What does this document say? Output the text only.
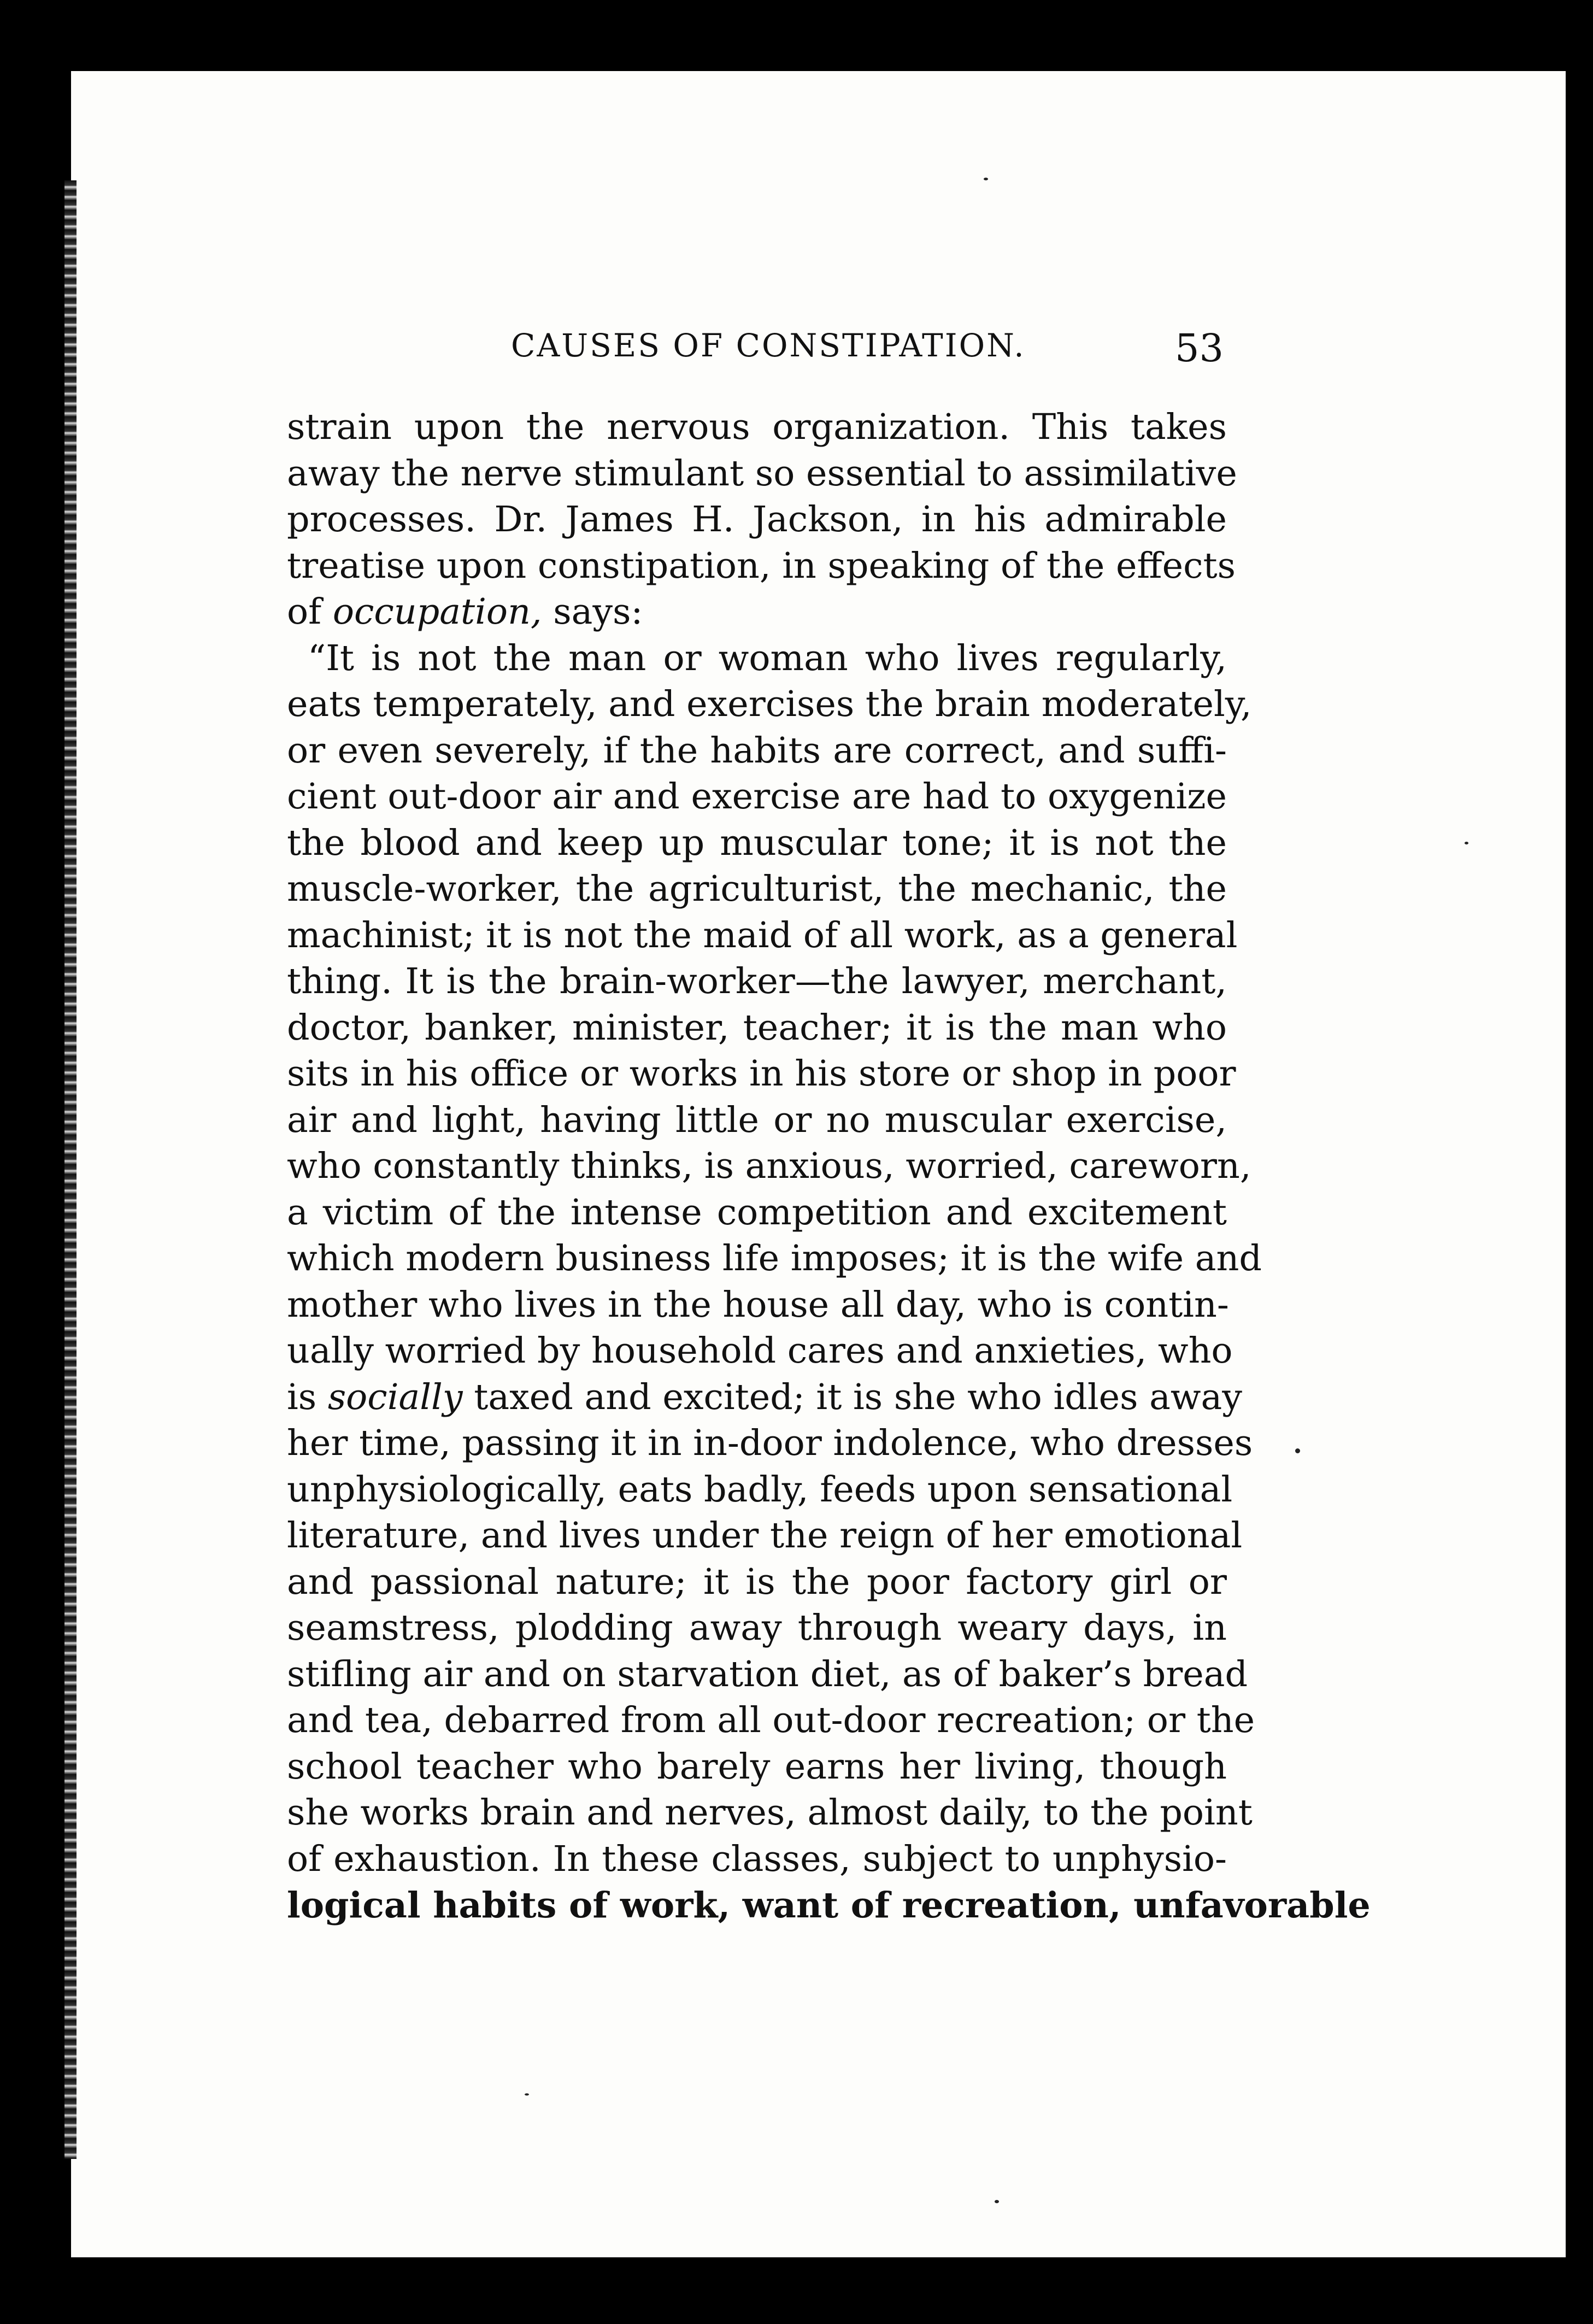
CAUSES OF CONSTIPATION.	53
strain upon the nervous organization. This takes
away the nerve stimulant so essential to assimilative
processes. Dr. James H. Jackson, in his admirable
treatise upon constipation, in speaking of the effects
of occupation, says:
“It is not the man or woman who lives regularly,
eats temperately, and exercises the brain moderately,
or even severely, if the habits are correct, and suffi-
cient out-door air and exercise are had to oxygenize
the blood and keep up muscular tone; it is not the
muscle-worker, the agriculturist, the mechanic, the
machinist; it is not the maid of all work, as a general
thing. It is the brain-worker—the lawyer, merchant,
doctor, banker, minister, teacher; it is the man who
sits in his office or works in his store or shop in poor
air and light, having little or no muscular exercise,
who constantly thinks, is anxious, worried, careworn,
a victim of the intense competition and excitement
which modern business life imposes; it is the wife and
mother who lives in the house all day, who is contin-
ually worried by household cares and anxieties, who
is socially taxed and excited; it is she who idles away
her time, passing it in in-door indolence, who dresses
unphysiologically, eats badly, feeds upon sensational
literature, and lives under the reign of her emotional
and passional nature; it is the poor factory girl or
seamstress, plodding away through weary days, in
stifling air and on starvation diet, as of baker’s bread
and tea, debarred from all out-door recreation; or the
school teacher who barely earns her living, though
she works brain and nerves, almost daily, to the point
of exhaustion. In these classes, subject to unphysio-
logical habits of work, want of recreation, unfavorable
